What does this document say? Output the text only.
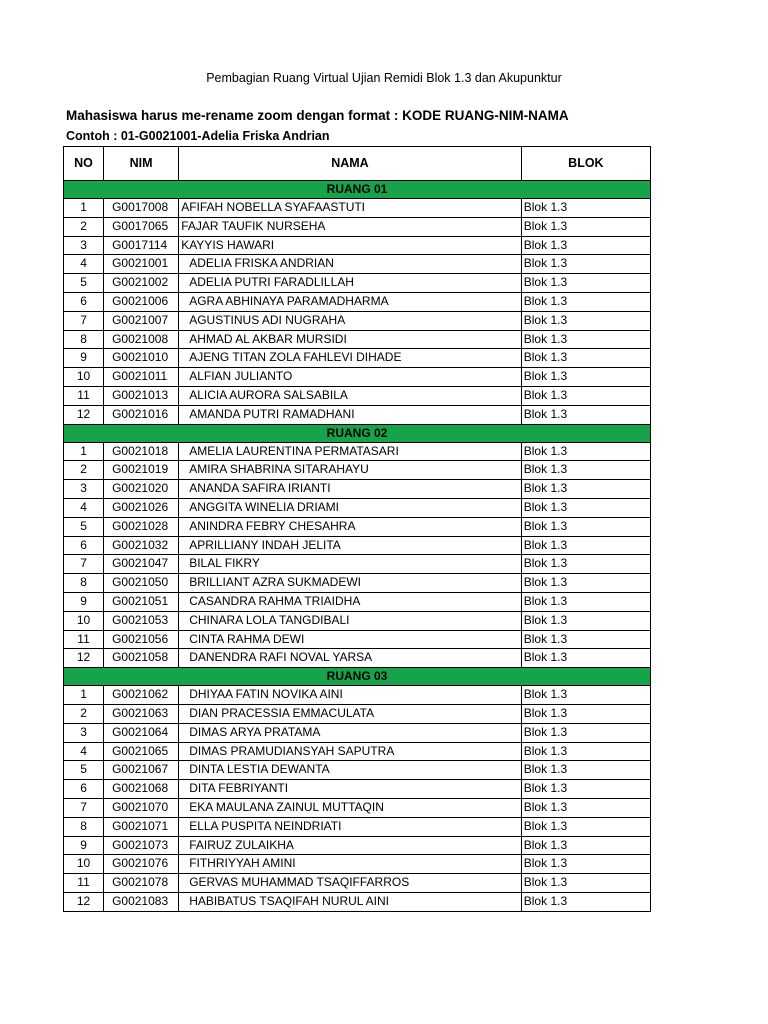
Pembagian Ruang Virtual Ujian Remidi Blok 1.3 dan Akupunktur
Mahasiswa harus me-rename zoom dengan format : KODE RUANG-NIM-NAMA
Contoh : 01-G0021001-Adelia Friska Andrian
NO	NIM	NAMA	BLOK
RUANG 01			
1	G0017008	AFIFAH NOBELLA SYAFAASTUTI	Blok 1.3
2	G0017065	FAJAR TAUFIK NURSEHA	Blok 1.3
3	G0017114	KAYYIS HAWARI	Blok 1.3
4	G0021001	ADELIA FRISKA ANDRIAN	Blok 1.3
5	G0021002	ADELIA PUTRI FARADLILLAH	Blok 1.3
6	G0021006	AGRA ABHINAYA PARAMADHARMA	Blok 1.3
7	G0021007	AGUSTINUS ADI NUGRAHA	Blok 1.3
8	G0021008	AHMAD AL AKBAR MURSIDI	Blok 1.3
9	G0021010	AJENG TITAN ZOLA FAHLEVI DIHADE	Blok 1.3
10	G0021011	ALFIAN JULIANTO	Blok 1.3
11	G0021013	ALICIA AURORA SALSABILA	Blok 1.3
12	G0021016	AMANDA PUTRI RAMADHANI	Blok 1.3
RUANG 02			
1	G0021018	AMELIA LAURENTINA PERMATASARI	Blok 1.3
2	G0021019	AMIRA SHABRINA SITARAHAYU	Blok 1.3
3	G0021020	ANANDA SAFIRA IRIANTI	Blok 1.3
4	G0021026	ANGGITA WINELIA DRIAMI	Blok 1.3
5	G0021028	ANINDRA FEBRY CHESAHRA	Blok 1.3
6	G0021032	APRILLIANY INDAH JELITA	Blok 1.3
7	G0021047	BILAL FIKRY	Blok 1.3
8	G0021050	BRILLIANT AZRA SUKMADEWI	Blok 1.3
9	G0021051	CASANDRA RAHMA TRIAIDHA	Blok 1.3
10	G0021053	CHINARA LOLA TANGDIBALI	Blok 1.3
11	G0021056	CINTA RAHMA DEWI	Blok 1.3
12	G0021058	DANENDRA RAFI NOVAL YARSA	Blok 1.3
RUANG 03			
1	G0021062	DHIYAA FATIN NOVIKA AINI	Blok 1.3
2	G0021063	DIAN PRACESSIA EMMACULATA	Blok 1.3
3	G0021064	DIMAS ARYA PRATAMA	Blok 1.3
4	G0021065	DIMAS PRAMUDIANSYAH SAPUTRA	Blok 1.3
5	G0021067	DINTA LESTIA DEWANTA	Blok 1.3
6	G0021068	DITA FEBRIYANTI	Blok 1.3
7	G0021070	EKA MAULANA ZAINUL MUTTAQIN	Blok 1.3
8	G0021071	ELLA PUSPITA NEINDRIATI	Blok 1.3
9	G0021073	FAIRUZ ZULAIKHA	Blok 1.3
10	G0021076	FITHRIYYAH AMINI	Blok 1.3
11	G0021078	GERVAS MUHAMMAD TSAQIFFARROS	Blok 1.3
12	G0021083	HABIBATUS TSAQIFAH NURUL AINI	Blok 1.3
